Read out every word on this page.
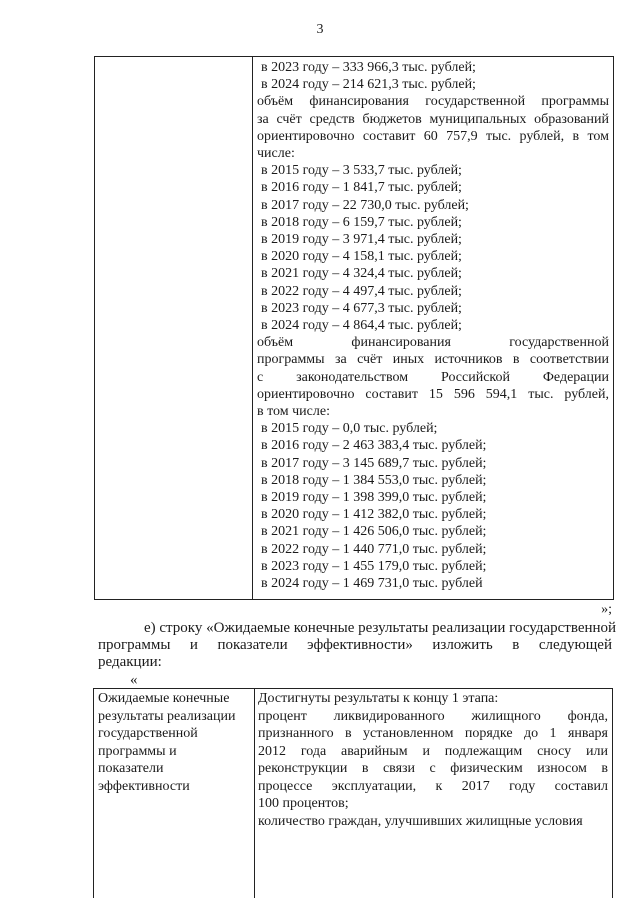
3
в 2023 году – 333 966,3 тыс. рублей;
в 2024 году – 214 621,3 тыс. рублей;
объём финансирования государственной программы
за счёт средств бюджетов муниципальных образований
ориентировочно составит 60 757,9 тыс. рублей, в том
числе:
в 2015 году – 3 533,7 тыс. рублей;
в 2016 году – 1 841,7 тыс. рублей;
в 2017 году – 22 730,0 тыс. рублей;
в 2018 году – 6 159,7 тыс. рублей;
в 2019 году – 3 971,4 тыс. рублей;
в 2020 году – 4 158,1 тыс. рублей;
в 2021 году – 4 324,4 тыс. рублей;
в 2022 году – 4 497,4 тыс. рублей;
в 2023 году – 4 677,3 тыс. рублей;
в 2024 году – 4 864,4 тыс. рублей;
объём финансирования государственной
программы за счёт иных источников в соответствии
с законодательством Российской Федерации
ориентировочно составит 15 596 594,1 тыс. рублей,
в том числе:
в 2015 году – 0,0 тыс. рублей;
в 2016 году – 2 463 383,4 тыс. рублей;
в 2017 году – 3 145 689,7 тыс. рублей;
в 2018 году – 1 384 553,0 тыс. рублей;
в 2019 году – 1 398 399,0 тыс. рублей;
в 2020 году – 1 412 382,0 тыс. рублей;
в 2021 году – 1 426 506,0 тыс. рублей;
в 2022 году – 1 440 771,0 тыс. рублей;
в 2023 году – 1 455 179,0 тыс. рублей;
в 2024 году – 1 469 731,0 тыс. рублей
»;
е) строку «Ожидаемые конечные результаты реализации государственной
программы и показатели эффективности» изложить в следующей
редакции:
«
Ожидаемые конечные
результаты реализации
государственной
программы и
показатели
эффективности
Достигнуты результаты к концу 1 этапа:
процент ликвидированного жилищного фонда,
признанного в установленном порядке до 1 января
2012 года аварийным и подлежащим сносу или
реконструкции в связи с физическим износом в
процессе эксплуатации, к 2017 году составил
100 процентов;
количество граждан, улучшивших жилищные условия
